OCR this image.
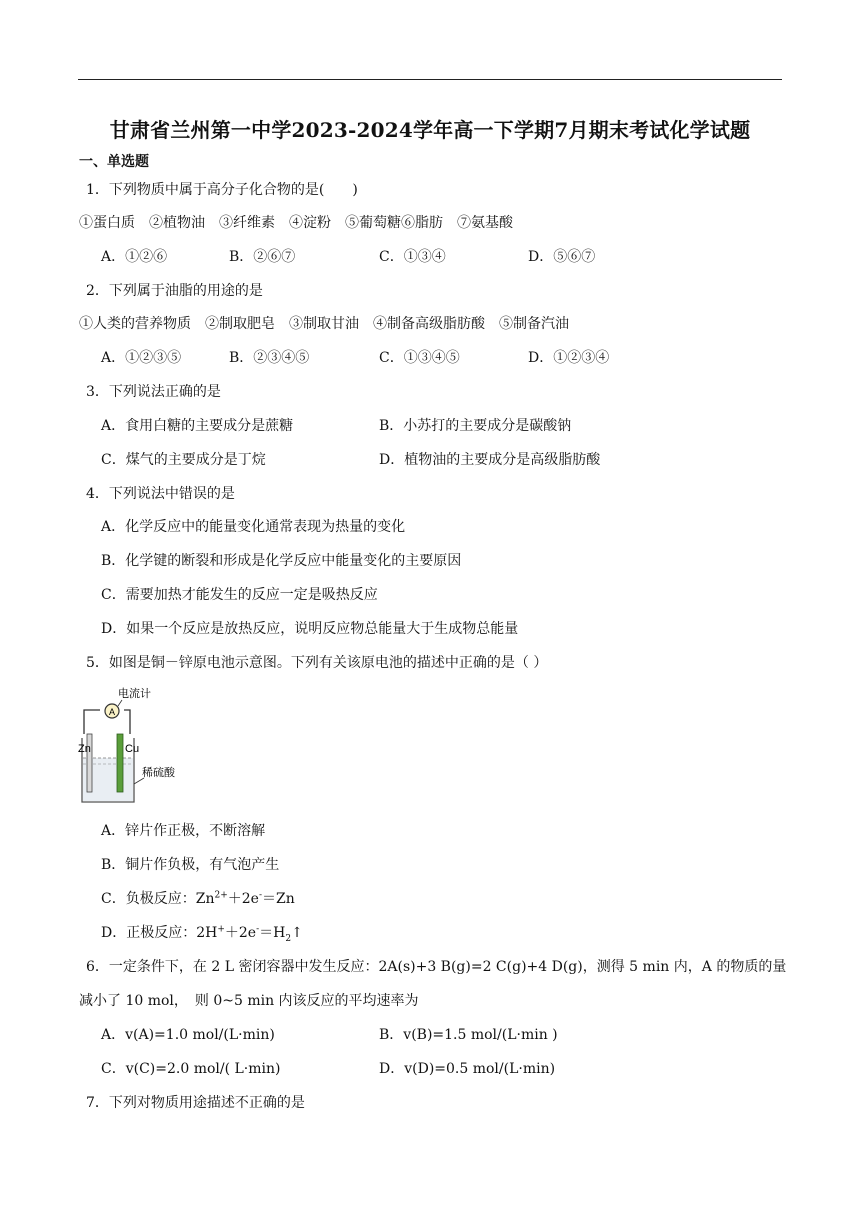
甘肃省兰州第一中学2023-2024学年高一下学期7月期末考试化学试题
一、单选题
1．下列物质中属于高分子化合物的是(　　)
①蛋白质　②植物油　③纤维素　④淀粉　⑤葡萄糖⑥脂肪　⑦氨基酸
A．①②⑥	B．②⑥⑦	C．①③④	D．⑤⑥⑦
2．下列属于油脂的用途的是
①人类的营养物质　②制取肥皂　③制取甘油　④制备高级脂肪酸　⑤制备汽油
A．①②③⑤	B．②③④⑤	C．①③④⑤	D．①②③④
3．下列说法正确的是
A．食用白糖的主要成分是蔗糖	B．小苏打的主要成分是碳酸钠
C．煤气的主要成分是丁烷	D．植物油的主要成分是高级脂肪酸
4．下列说法中错误的是
A．化学反应中的能量变化通常表现为热量的变化
B．化学键的断裂和形成是化学反应中能量变化的主要原因
C．需要加热才能发生的反应一定是吸热反应
D．如果一个反应是放热反应，说明反应物总能量大于生成物总能量
5．如图是铜－锌原电池示意图。下列有关该原电池的描述中正确的是（ ）
A
电流计
Zn	Cu
稀硫酸
A．锌片作正极，不断溶解
B．铜片作负极，有气泡产生
C．负极反应：$Zn^{2+}+2e^-=Zn$
D．正极反应：$2H^++2e^-=H_2↑$
6．一定条件下，在 2 L 密闭容器中发生反应：2A(s)+3 B(g)=2 C(g)+4 D(g)，测得 5 min 内，A 的物质的量
减小了 10 mol，　则 0~5 min 内该反应的平均速率为
A．v(A)=1.0 mol/(L·min)	B．v(B)=1.5 mol/(L·min )
C．v(C)=2.0 mol/( L·min)	D．v(D)=0.5 mol/(L·min)
7．下列对物质用途描述不正确的是
